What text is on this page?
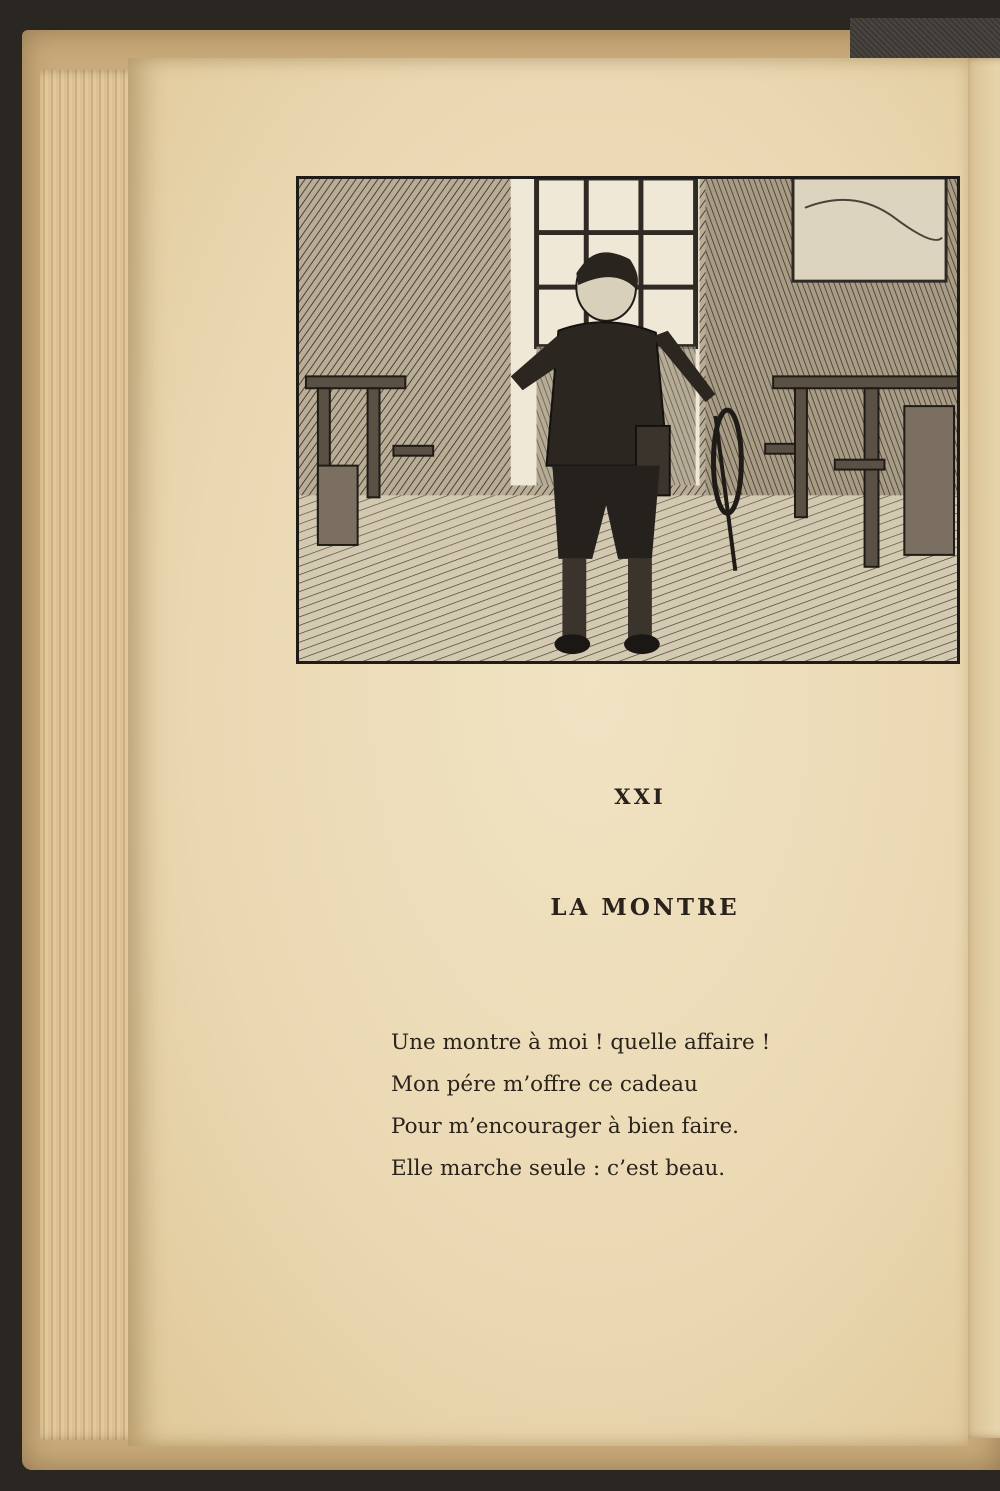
XXI
LA MONTRE
Une montre à moi ! quelle affaire !
Mon pére m’offre ce cadeau
Pour m’encourager à bien faire.
Elle marche seule : c’est beau.
